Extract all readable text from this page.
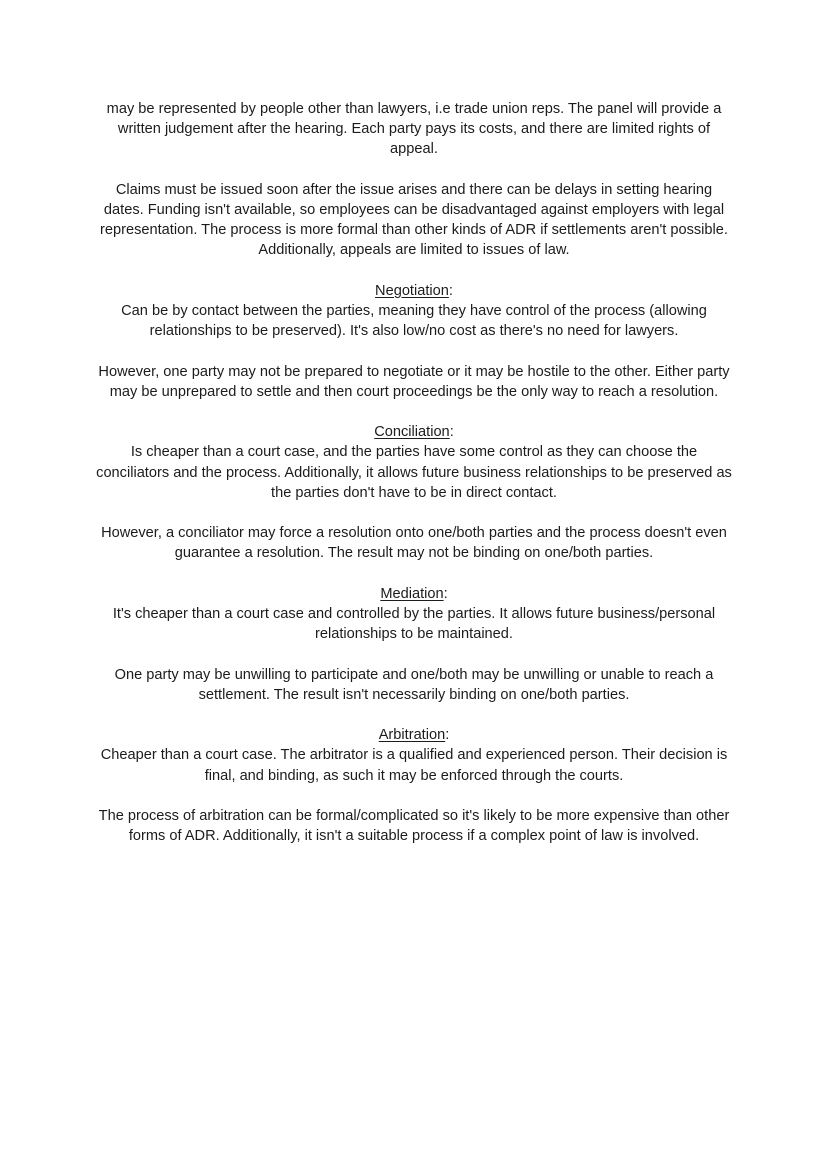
may be represented by people other than lawyers, i.e trade union reps. The panel will provide a written judgement after the hearing. Each party pays its costs, and there are limited rights of appeal.

Claims must be issued soon after the issue arises and there can be delays in setting hearing dates. Funding isn't available, so employees can be disadvantaged against employers with legal representation. The process is more formal than other kinds of ADR if settlements aren't possible. Additionally, appeals are limited to issues of law.

Negotiation:

Can be by contact between the parties, meaning they have control of the process (allowing relationships to be preserved). It's also low/no cost as there's no need for lawyers.

However, one party may not be prepared to negotiate or it may be hostile to the other. Either party may be unprepared to settle and then court proceedings be the only way to reach a resolution.

Conciliation:

Is cheaper than a court case, and the parties have some control as they can choose the conciliators and the process. Additionally, it allows future business relationships to be preserved as the parties don't have to be in direct contact.

However, a conciliator may force a resolution onto one/both parties and the process doesn't even guarantee a resolution. The result may not be binding on one/both parties.

Mediation:

It's cheaper than a court case and controlled by the parties. It allows future business/personal relationships to be maintained.

One party may be unwilling to participate and one/both may be unwilling or unable to reach a settlement. The result isn't necessarily binding on one/both parties.

Arbitration:

Cheaper than a court case. The arbitrator is a qualified and experienced person. Their decision is final, and binding, as such it may be enforced through the courts.

The process of arbitration can be formal/complicated so it's likely to be more expensive than other forms of ADR. Additionally, it isn't a suitable process if a complex point of law is involved.
